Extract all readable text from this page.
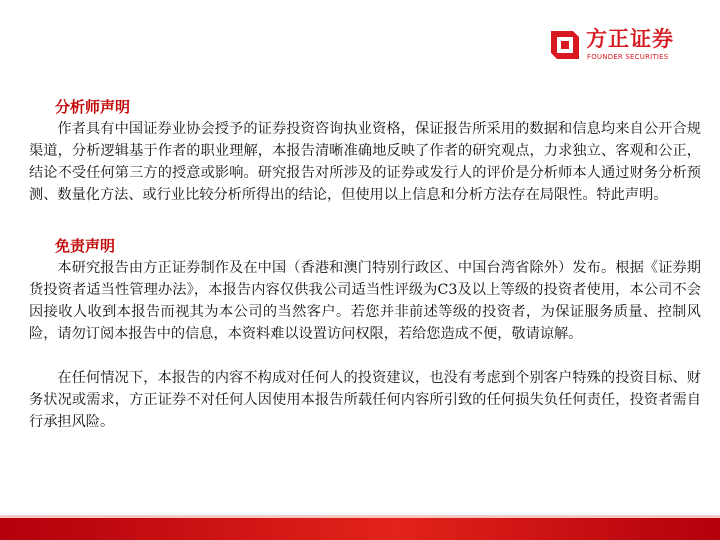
方正证券
FOUNDER SECURITIES
分析师声明

作者具有中国证券业协会授予的证券投资咨询执业资格，保证报告所采用的数据和信息均来自公开合规渠道，分析逻辑基于作者的职业理解，本报告清晰准确地反映了作者的研究观点，力求独立、客观和公正，结论不受任何第三方的授意或影响。研究报告对所涉及的证券或发行人的评价是分析师本人通过财务分析预测、数量化方法、或行业比较分析所得出的结论，但使用以上信息和分析方法存在局限性。特此声明。

免责声明

本研究报告由方正证券制作及在中国（香港和澳门特别行政区、中国台湾省除外）发布。根据《证券期货投资者适当性管理办法》，本报告内容仅供我公司适当性评级为C3及以上等级的投资者使用，本公司不会因接收人收到本报告而视其为本公司的当然客户。若您并非前述等级的投资者，为保证服务质量、控制风险，请勿订阅本报告中的信息，本资料难以设置访问权限，若给您造成不便，敬请谅解。

在任何情况下，本报告的内容不构成对任何人的投资建议，也没有考虑到个别客户特殊的投资目标、财务状况或需求，方正证券不对任何人因使用本报告所载任何内容所引致的任何损失负任何责任，投资者需自行承担风险。
